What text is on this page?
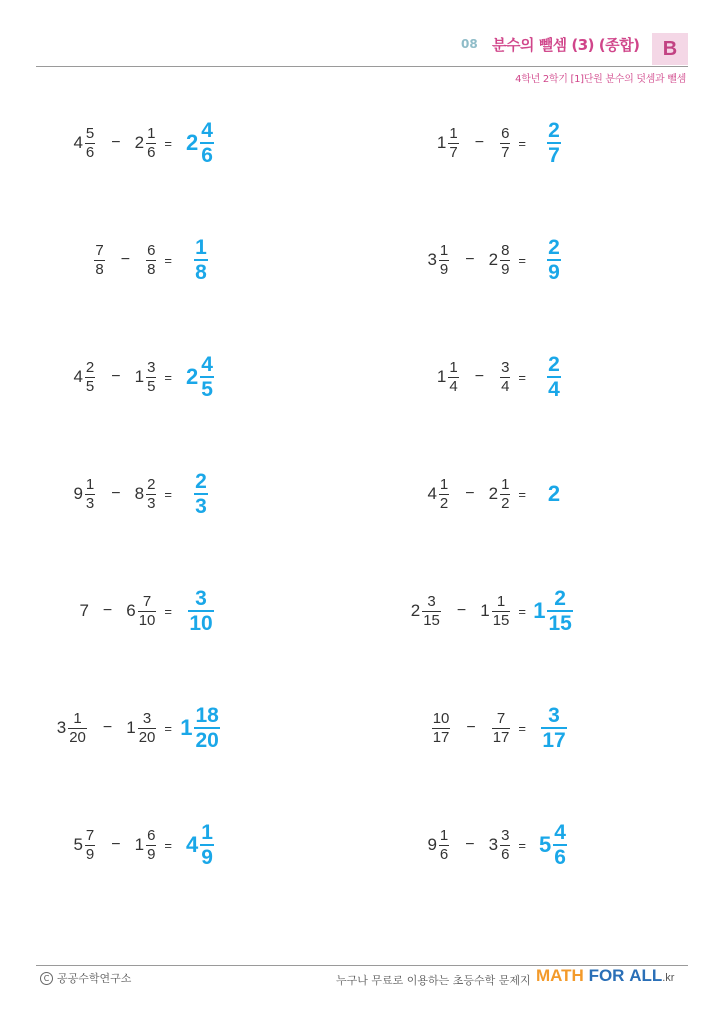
08 분수의 뺄셈 (3) (종합)	B
4학년 2학기 [1]단원 분수의 덧셈과 뺄셈
$4 \frac{5}{6} - 2 \frac{1}{6} = 2 \frac{4}{6}$
$\frac{7}{8} - \frac{6}{8} = \frac{1}{8}$
$4 \frac{2}{5} - 1 \frac{3}{5} = 2 \frac{4}{5}$
$9 \frac{1}{3} - 8 \frac{2}{3} = \frac{2}{3}$
$7 - 6 \frac{7}{10} = \frac{3}{10}$
$3 \frac{1}{20} - 1 \frac{3}{20} = 1 \frac{18}{20}$
$5 \frac{7}{9} - 1 \frac{6}{9} = 4 \frac{1}{9}$
$1 \frac{1}{7} - \frac{6}{7} = \frac{2}{7}$
$3 \frac{1}{9} - 2 \frac{8}{9} = \frac{2}{9}$
$1 \frac{1}{4} - \frac{3}{4} = \frac{2}{4}$
$4 \frac{1}{2} - 2 \frac{1}{2} = 2$
$2 \frac{3}{15} - 1 \frac{1}{15} = 1 \frac{2}{15}$
$\frac{10}{17} - \frac{7}{17} = \frac{3}{17}$
$9 \frac{1}{6} - 3 \frac{3}{6} = 5 \frac{4}{6}$
C 공공수학연구소	누구나 무료로 이용하는 초등수학 문제지 MATH FOR ALL.kr
